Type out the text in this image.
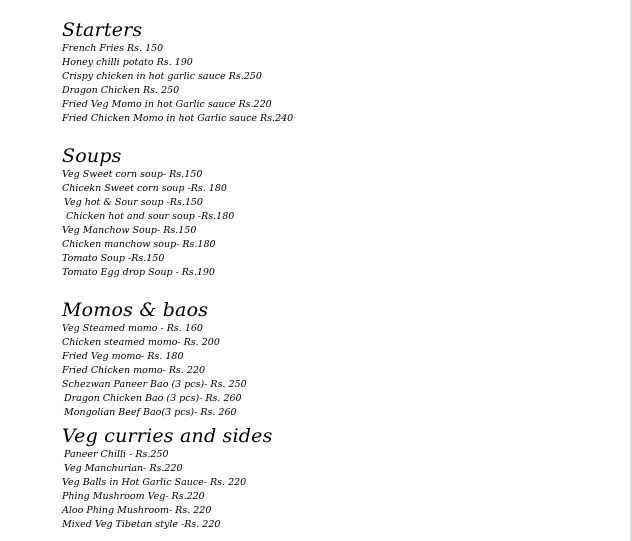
Starters

French Fries Rs. 150

Honey chilli potato Rs. 190

Crispy chicken in hot garlic sauce Rs.250

Dragon Chicken Rs. 250

Fried Veg Momo in hot Garlic sauce Rs.220

Fried Chicken Momo in hot Garlic sauce Rs.240

Soups

Veg Sweet corn soup- Rs.150

Chicekn Sweet corn soup -Rs. 180

Veg hot & Sour soup -Rs.150

Chicken hot and sour soup -Rs.180

Veg Manchow Soup- Rs.150

Chicken manchow soup- Rs.180

Tomato Soup -Rs.150

Tomato Egg drop Soup - Rs.190

Momos & baos

Veg Steamed momo - Rs. 160

Chicken steamed momo- Rs. 200

Fried Veg momo- Rs. 180

Fried Chicken momo- Rs. 220

Schezwan Paneer Bao (3 pcs)- Rs. 250

Dragon Chicken Bao (3 pcs)- Rs. 260

Mongolian Beef Bao(3 pcs)- Rs. 260

Veg curries and sides

Paneer Chilli - Rs.250

Veg Manchurian- Rs.220

Veg Balls in Hot Garlic Sauce- Rs. 220

Phing Mushroom Veg- Rs.220

Aloo Phing Mushroom- Rs. 220

Mixed Veg Tibetan style -Rs. 220
